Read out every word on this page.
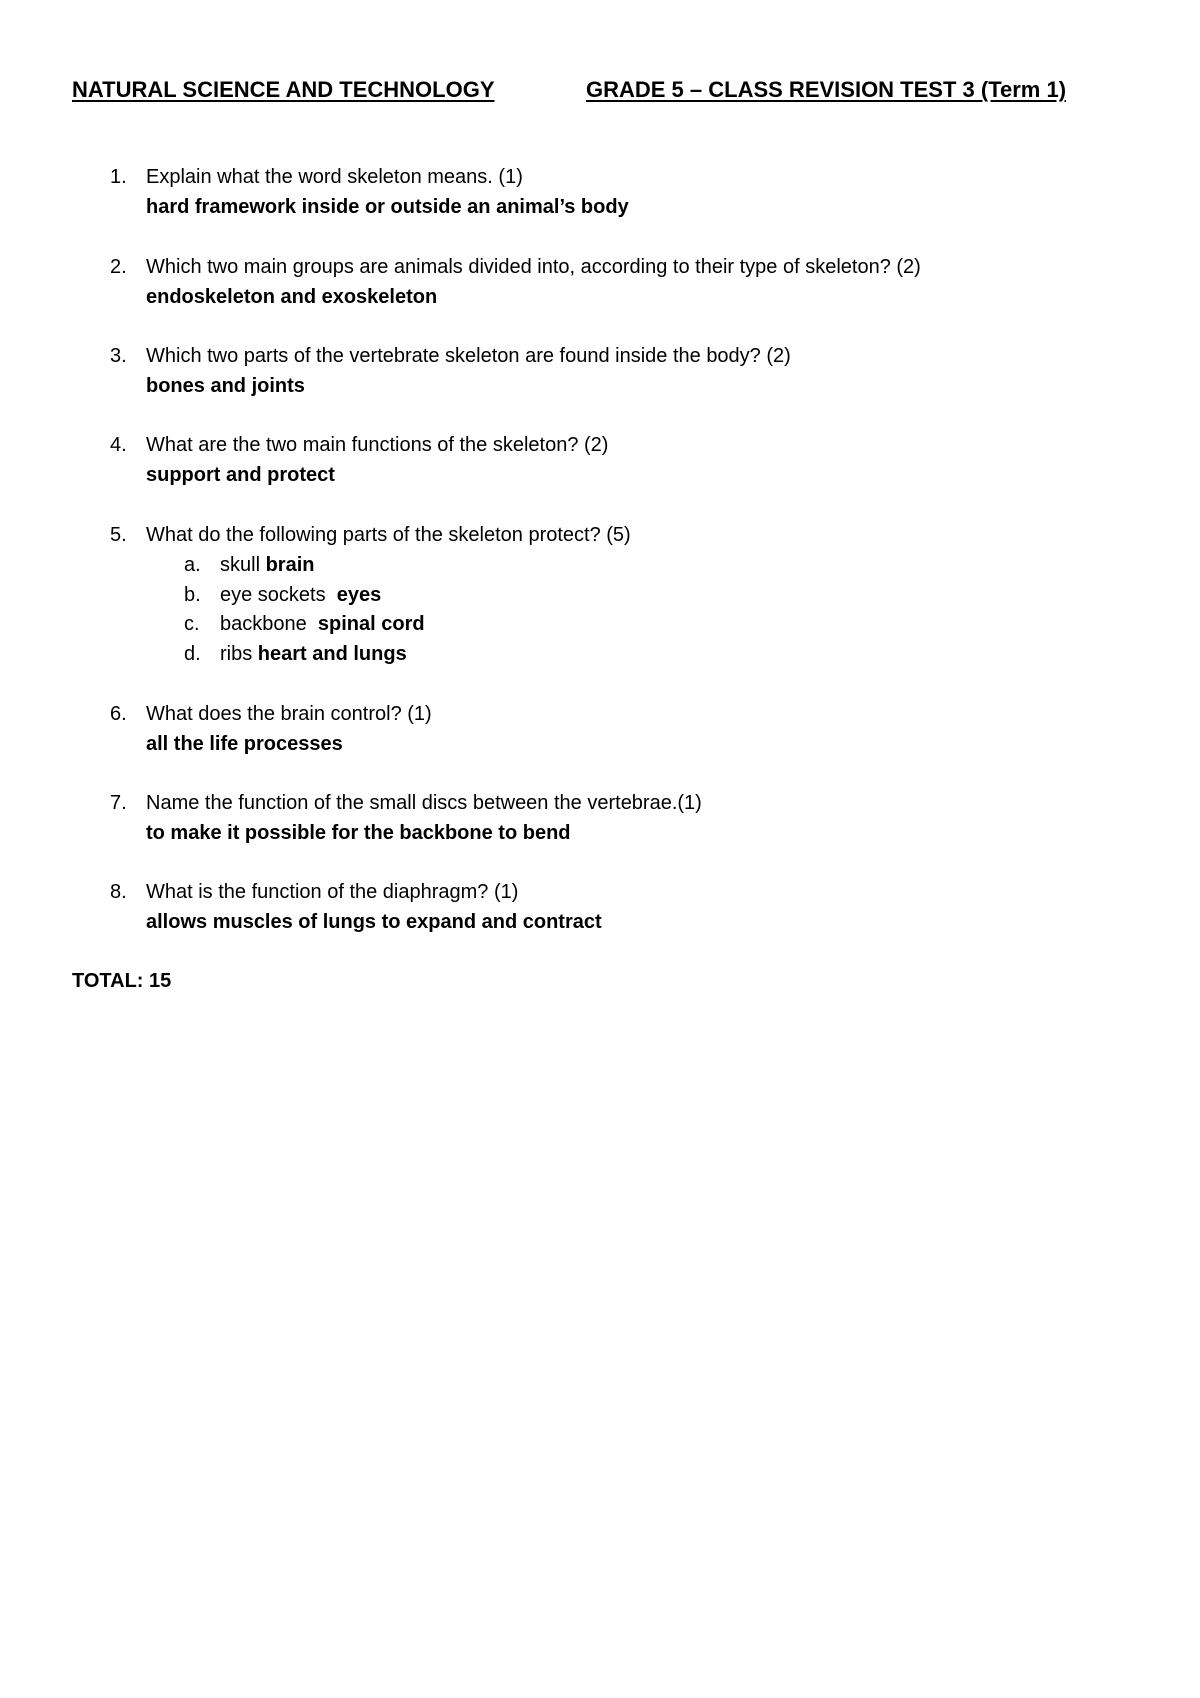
NATURAL SCIENCE AND TECHNOLOGY	GRADE 5 – CLASS REVISION TEST 3 (Term 1)
1. Explain what the word skeleton means. (1)
hard framework inside or outside an animal’s body
2. Which two main groups are animals divided into, according to their type of skeleton? (2)
endoskeleton and exoskeleton
3. Which two parts of the vertebrate skeleton are found inside the body? (2)
bones and joints
4. What are the two main functions of the skeleton? (2)
support and protect
5. What do the following parts of the skeleton protect? (5)
a. skull brain
b. eye sockets eyes
c.	backbone spinal cord
d. ribs heart and lungs
6. What does the brain control? (1)
all the life processes
7. Name the function of the small discs between the vertebrae.(1)
to make it possible for the backbone to bend
8. What is the function of the diaphragm? (1)
allows muscles of lungs to expand and contract
TOTAL: 15
